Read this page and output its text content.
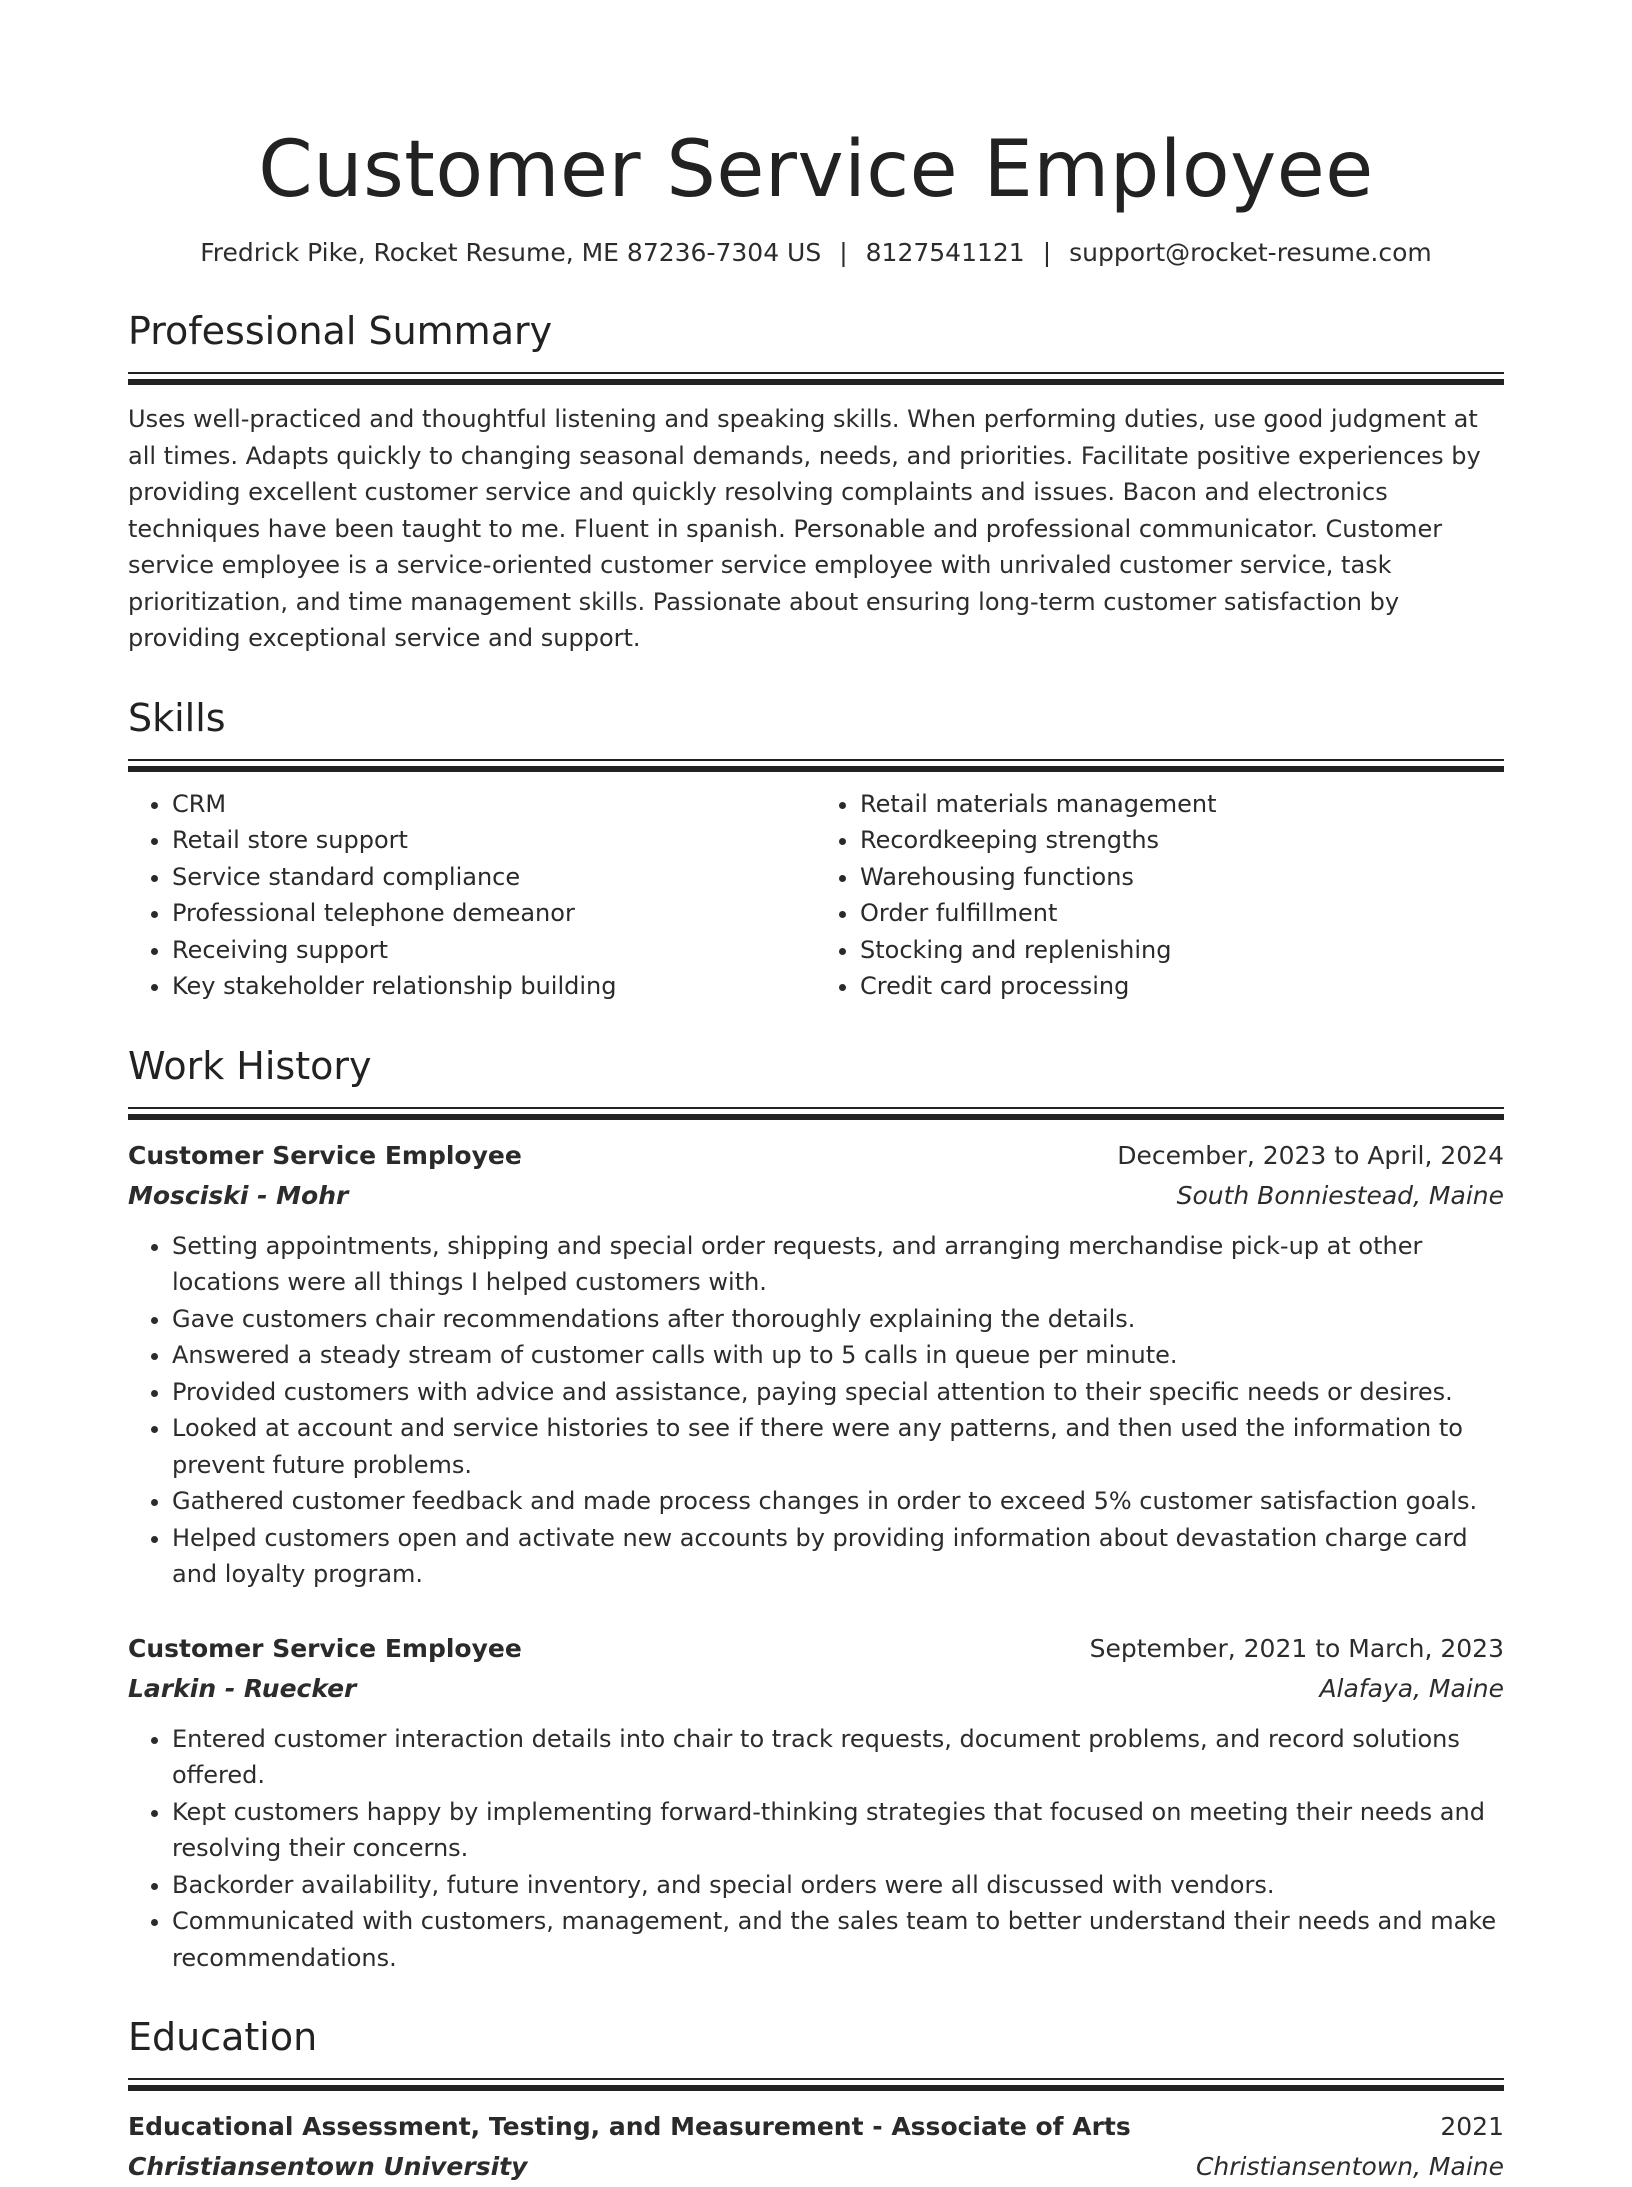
Customer Service Employee
Fredrick Pike, Rocket Resume, ME 87236-7304 US | 8127541121 | support@rocket-resume.com
Professional Summary
Uses well-practiced and thoughtful listening and speaking skills. When performing duties, use good judgment at all times. Adapts quickly to changing seasonal demands, needs, and priorities. Facilitate positive experiences by providing excellent customer service and quickly resolving complaints and issues. Bacon and electronics techniques have been taught to me. Fluent in spanish. Personable and professional communicator. Customer service employee is a service-oriented customer service employee with unrivaled customer service, task prioritization, and time management skills. Passionate about ensuring long-term customer satisfaction by providing exceptional service and support.
Skills
• CRM
• Retail store support
• Service standard compliance
• Professional telephone demeanor
• Receiving support
• Key stakeholder relationship building
• Retail materials management
• Recordkeeping strengths
• Warehousing functions
• Order fulfillment
• Stocking and replenishing
• Credit card processing
Work History
Customer Service Employee	December, 2023 to April, 2024
Mosciski - Mohr	South Bonniestead, Maine
• Setting appointments, shipping and special order requests, and arranging merchandise pick-up at other locations were all things I helped customers with.
• Gave customers chair recommendations after thoroughly explaining the details.
• Answered a steady stream of customer calls with up to 5 calls in queue per minute.
• Provided customers with advice and assistance, paying special attention to their specific needs or desires.
• Looked at account and service histories to see if there were any patterns, and then used the information to prevent future problems.
• Gathered customer feedback and made process changes in order to exceed 5% customer satisfaction goals.
• Helped customers open and activate new accounts by providing information about devastation charge card and loyalty program.
Customer Service Employee	September, 2021 to March, 2023
Larkin - Ruecker	Alafaya, Maine
• Entered customer interaction details into chair to track requests, document problems, and record solutions offered.
• Kept customers happy by implementing forward-thinking strategies that focused on meeting their needs and resolving their concerns.
• Backorder availability, future inventory, and special orders were all discussed with vendors.
• Communicated with customers, management, and the sales team to better understand their needs and make recommendations.
Education
Educational Assessment, Testing, and Measurement - Associate of Arts	2021
Christiansentown University	Christiansentown, Maine
